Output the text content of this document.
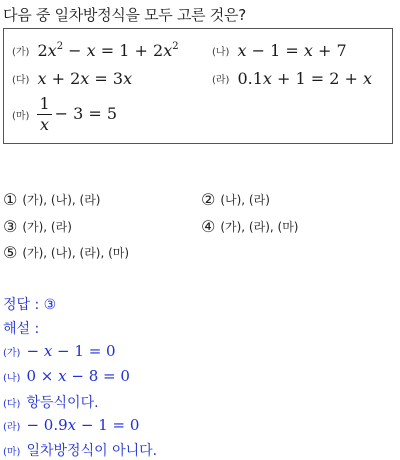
다음 중 일차방정식을 모두 고른 것은?
(가) $2x^2 - x = 1 + 2x^2$
(나) x − 1 = x + 7
(다) x + 2x = 3x	(라) 0.1x + 1 = 2 + x
(마) $\frac{1}{x} - 3 = 5$
① (가), (나), (라)	② (나), (라)
③ (가), (라)	④ (가), (라), (마)
⑤ (가), (나), (라), (마)
정답 : ③
해설 :
(가) − x − 1 = 0
(나) 0 × x − 8 = 0
(다) 항등식이다.
(라) − 0.9x − 1 = 0
(마) 일차방정식이 아니다.
